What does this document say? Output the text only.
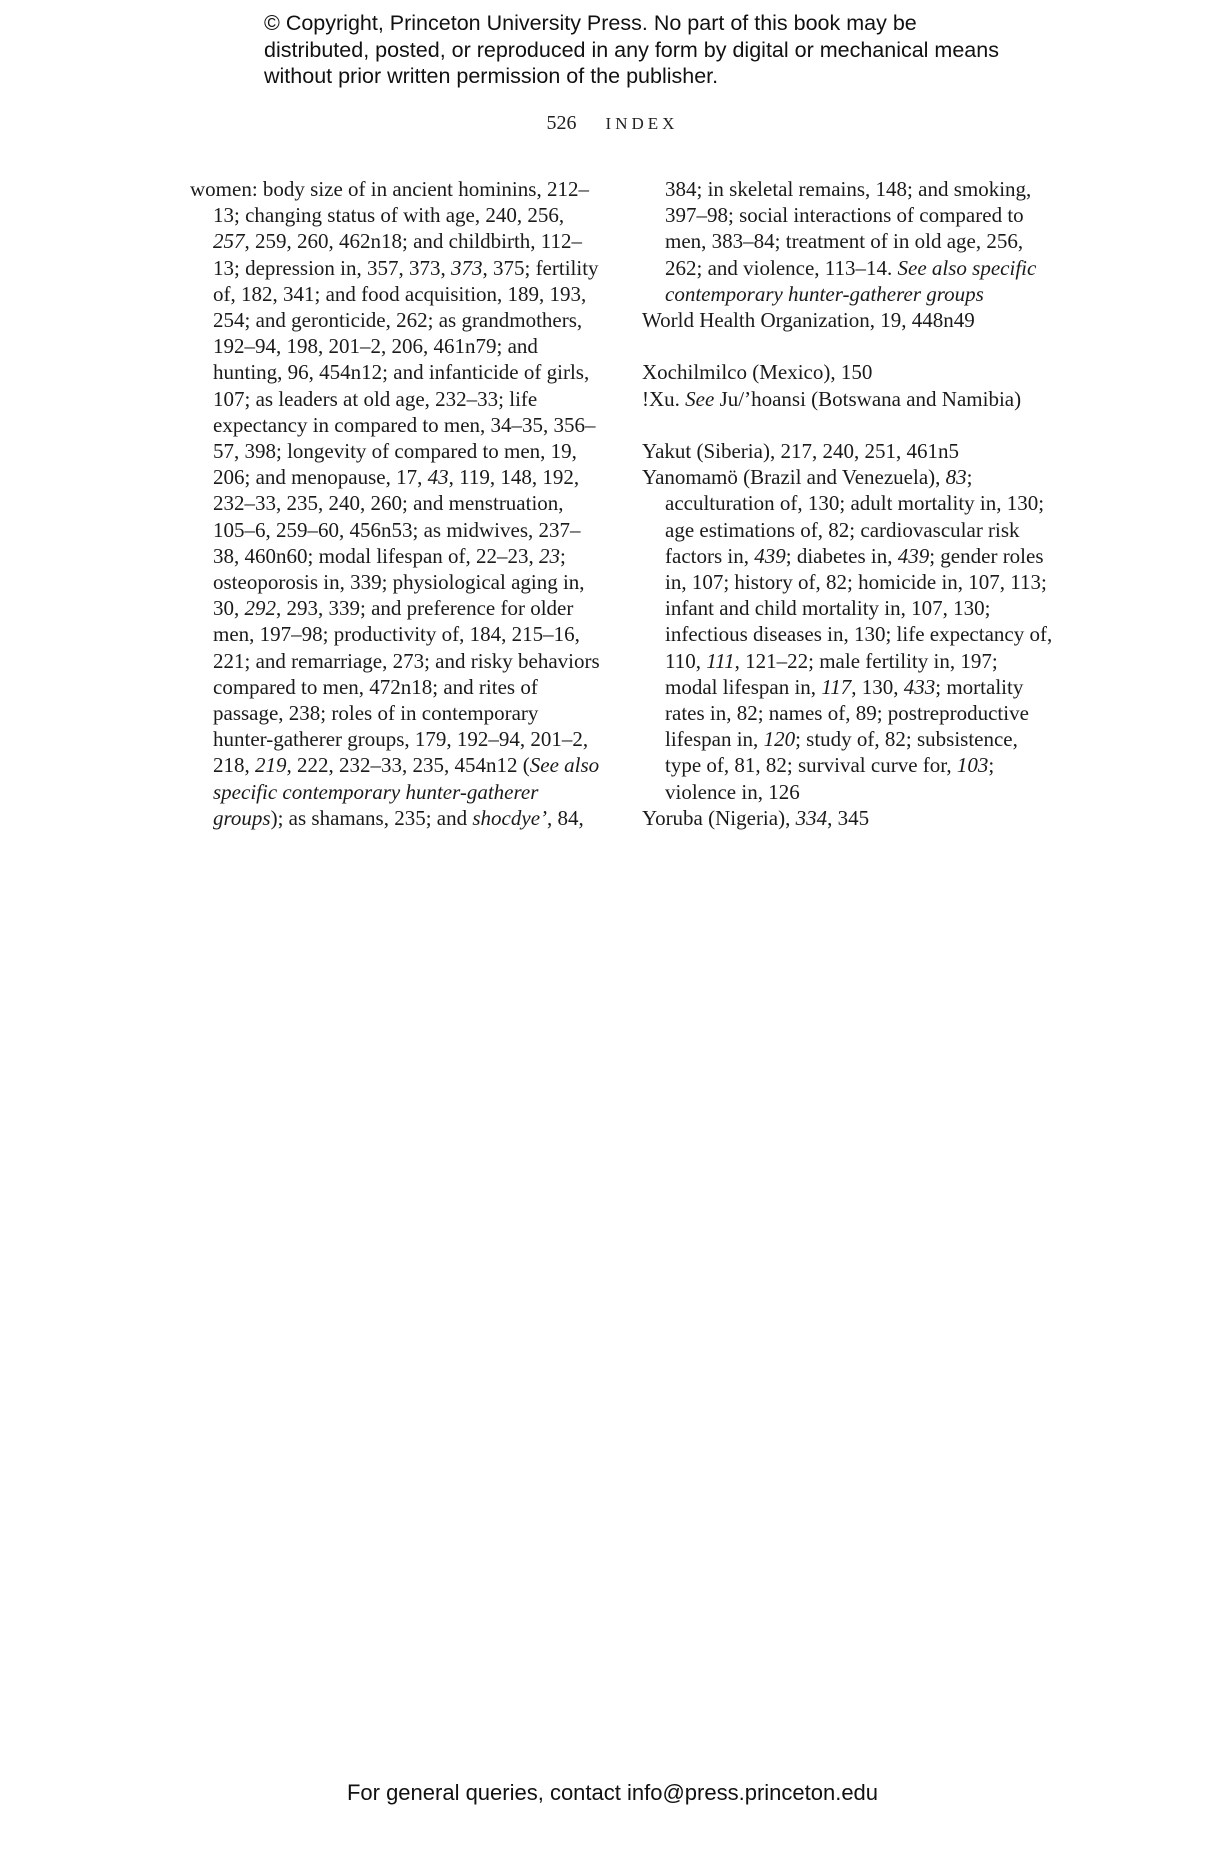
© Copyright, Princeton University Press. No part of this book may be distributed, posted, or reproduced in any form by digital or mechanical means without prior written permission of the publisher.

526 INDEX

women: body size of in ancient hominins, 212–13; changing status of with age, 240, 256, 257, 259, 260, 462n18; and childbirth, 112–13; depression in, 357, 373, 373, 375; fertility of, 182, 341; and food acquisition, 189, 193, 254; and geronticide, 262; as grandmothers, 192–94, 198, 201–2, 206, 461n79; and hunting, 96, 454n12; and infanticide of girls, 107; as leaders at old age, 232–33; life expectancy in compared to men, 34–35, 356–57, 398; longevity of compared to men, 19, 206; and menopause, 17, 43, 119, 148, 192, 232–33, 235, 240, 260; and menstruation, 105–6, 259–60, 456n53; as midwives, 237–38, 460n60; modal lifespan of, 22–23, 23; osteoporosis in, 339; physiological aging in, 30, 292, 293, 339; and preference for older men, 197–98; productivity of, 184, 215–16, 221; and remarriage, 273; and risky behaviors compared to men, 472n18; and rites of passage, 238; roles of in contemporary hunter-gatherer groups, 179, 192–94, 201–2, 218, 219, 222, 232–33, 235, 454n12 (See also specific contemporary hunter-gatherer groups); as shamans, 235; and shocdye’, 84,

384; in skeletal remains, 148; and smoking, 397–98; social interactions of compared to men, 383–84; treatment of in old age, 256, 262; and violence, 113–14. See also specific contemporary hunter-gatherer groups

World Health Organization, 19, 448n49

Xochilmilco (Mexico), 150

!Xu. See Ju/’hoansi (Botswana and Namibia)

Yakut (Siberia), 217, 240, 251, 461n5

Yanomamö (Brazil and Venezuela), 83; acculturation of, 130; adult mortality in, 130; age estimations of, 82; cardiovascular risk factors in, 439; diabetes in, 439; gender roles in, 107; history of, 82; homicide in, 107, 113; infant and child mortality in, 107, 130; infectious diseases in, 130; life expectancy of, 110, 111, 121–22; male fertility in, 197; modal lifespan in, 117, 130, 433; mortality rates in, 82; names of, 89; postreproductive lifespan in, 120; study of, 82; subsistence, type of, 81, 82; survival curve for, 103; violence in, 126

Yoruba (Nigeria), 334, 345

For general queries, contact info@press.princeton.edu
